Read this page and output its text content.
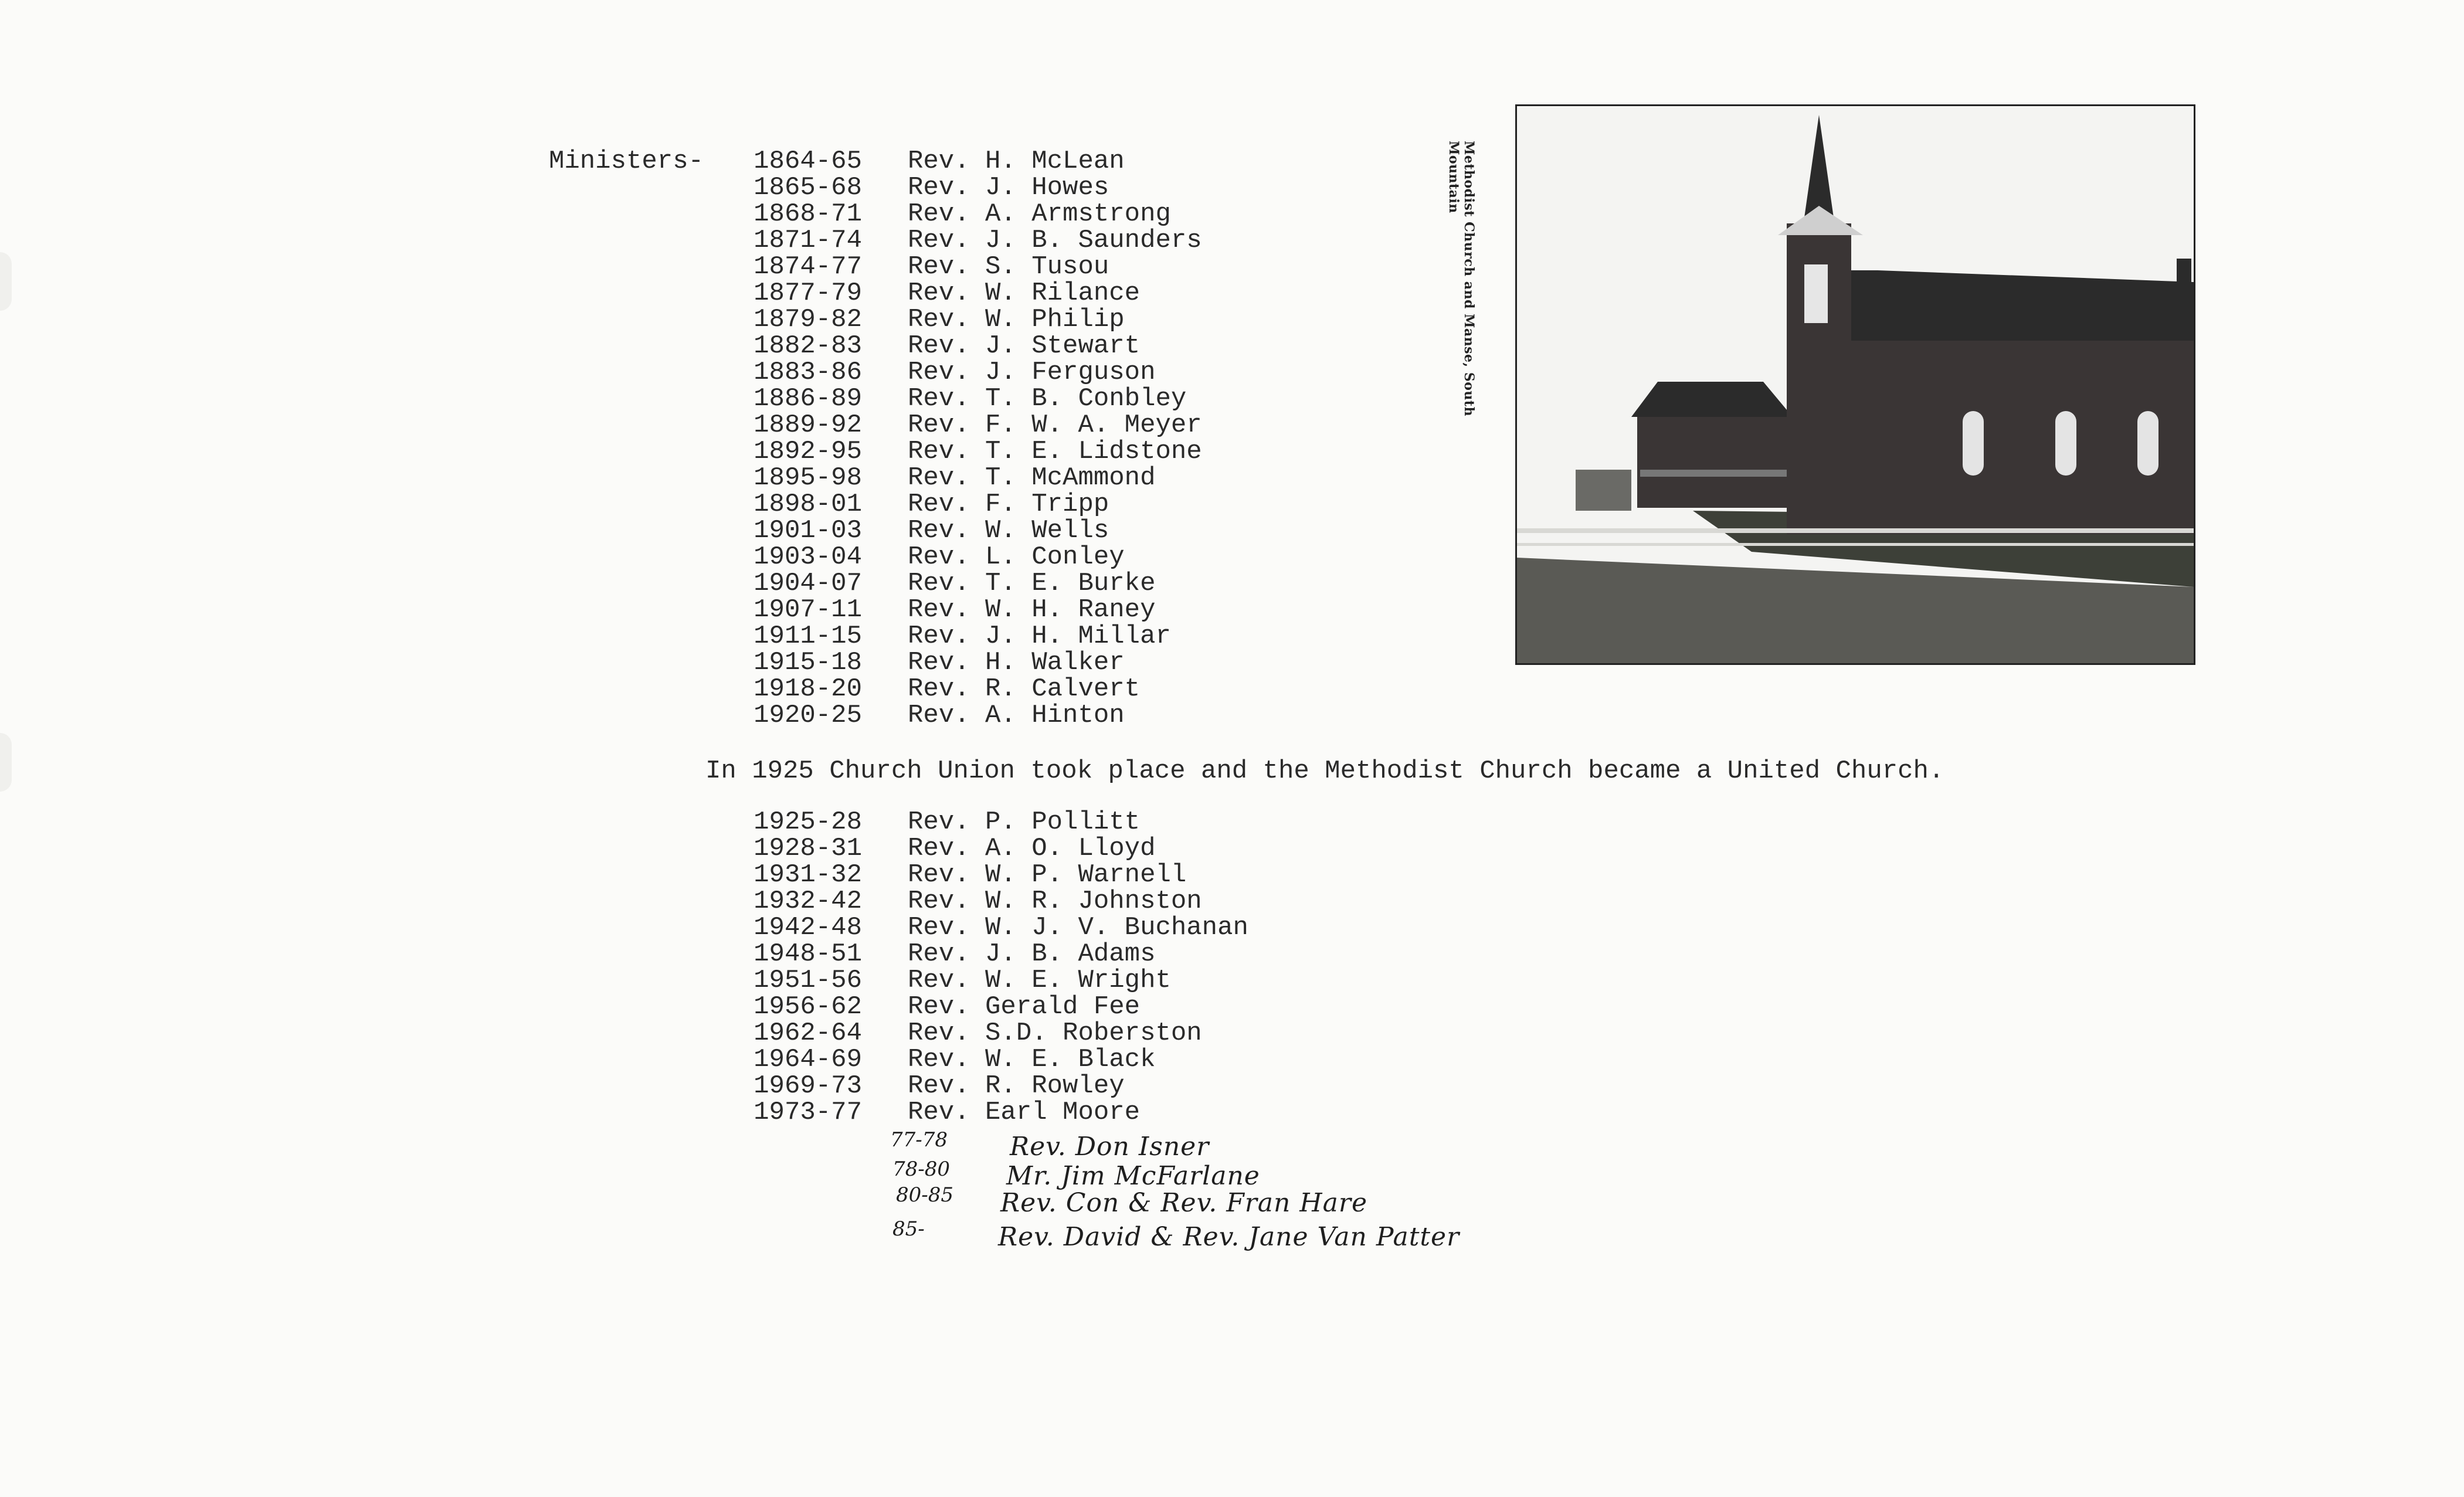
Ministers-	1864-65 Rev. H. McLean
1865-68 Rev. J. Howes
1868-71 Rev. A. Armstrong
1871-74 Rev. J. B. Saunders
1874-77 Rev. S. Tusou
1877-79 Rev. W. Rilance
1879-82 Rev. W. Philip
1882-83 Rev. J. Stewart
1883-86 Rev. J. Ferguson
1886-89 Rev. T. B. Conbley
1889-92 Rev. F. W. A. Meyer
1892-95 Rev. T. E. Lidstone
1895-98 Rev. T. McAmmond
1898-01 Rev. F. Tripp
1901-03 Rev. W. Wells
1903-04 Rev. L. Conley
1904-07 Rev. T. E. Burke
1907-11 Rev. W. H. Raney
1911-15 Rev. J. H. Millar
1915-18 Rev. H. Walker
1918-20 Rev. R. Calvert
1920-25 Rev. A. Hinton
In 1925 Church Union took place and the Methodist Church became a United Church.
1925-28 Rev. P. Pollitt
1928-31 Rev. A. O. Lloyd
1931-32 Rev. W. P. Warnell
1932-42 Rev. W. R. Johnston
1942-48 Rev. W. J. V. Buchanan
1948-51 Rev. J. B. Adams
1951-56 Rev. W. E. Wright
1956-62 Rev. Gerald Fee
1962-64 Rev. S.D. Roberston
1964-69 Rev. W. E. Black
1969-73 Rev. R. Rowley
1973-77 Rev. Earl Moore
77-78 Rev. Don Isner
78-80 Mr. Jim McFarlane
80-85 Rev. Con & Rev. Fran Hare
85-	Rev. David & Rev. Jane Van Patter
Methodist Church and Manse, South Mountain
